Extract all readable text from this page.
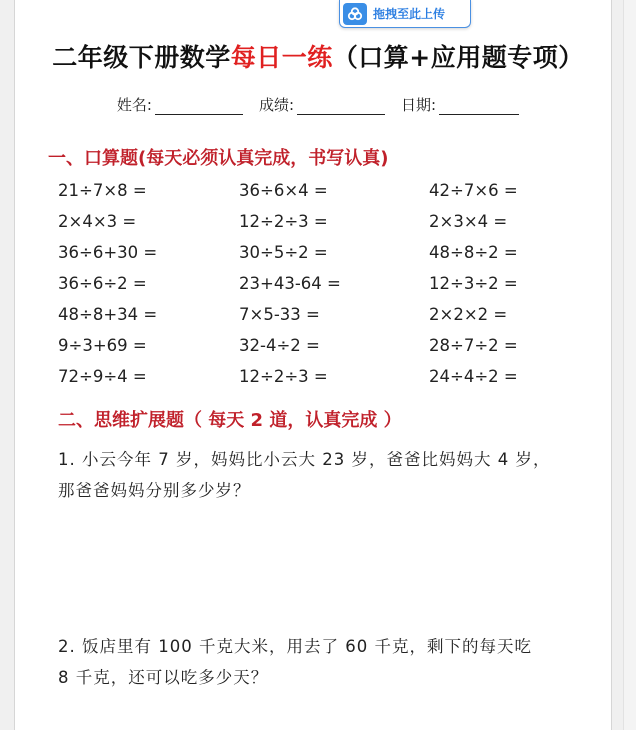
拖拽至此上传
二年级下册数学每日一练（口算+应用题专项）
姓名:	成绩:	日期:
一、口算题(每天必须认真完成，书写认真)
21÷7×8 =	36÷6×4 =	42÷7×6 =
2×4×3 =	12÷2÷3 =	2×3×4 =
36÷6+30 =	30÷5÷2 =	48÷8÷2 =
36÷6÷2 =	23+43-64 =	12÷3÷2 =
48÷8+34 =	7×5-33 =	2×2×2 =
9÷3+69 =	32-4÷2 =	28÷7÷2 =
72÷9÷4 =	12÷2÷3 =	24÷4÷2 =
二、思维扩展题（ 每天 2 道，认真完成 ）
1. 小云今年 7 岁，妈妈比小云大 23 岁，爸爸比妈妈大 4 岁，
那爸爸妈妈分别多少岁？
2. 饭店里有 100 千克大米，用去了 60 千克，剩下的每天吃
8 千克，还可以吃多少天？
